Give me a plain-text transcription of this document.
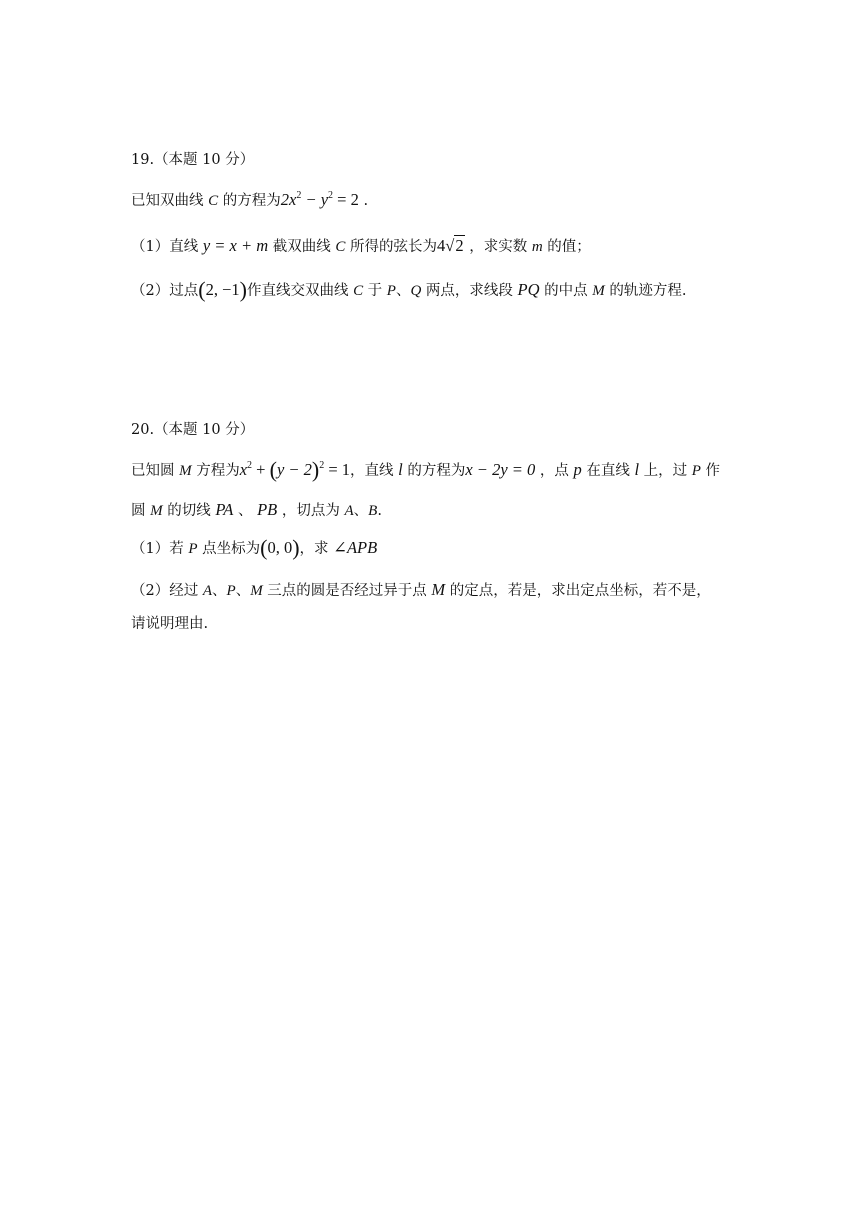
19.（本题 10 分）
已知双曲线 C 的方程为$2x^2 - y^2 = 2$ .
（1）直线 y = x + m 截双曲线 C 所得的弦长为4√2 ，求实数 m 的值；
（2）过点(2, −1)作直线交双曲线 C 于 P、Q 两点，求线段 PQ 的中点 M 的轨迹方程.
20.（本题 10 分）
已知圆 M 方程为$x^2 + (y - 2)^2 = 1$，直线 l 的方程为x − 2y = 0 ，点 p 在直线 l 上，过 P 作
圆 M 的切线 PA 、 PB ，切点为 A、B.
（1）若 P 点坐标为(0, 0)，求 ∠APB
（2）经过 A、P、M 三点的圆是否经过异于点 M 的定点，若是，求出定点坐标，若不是，
请说明理由.
